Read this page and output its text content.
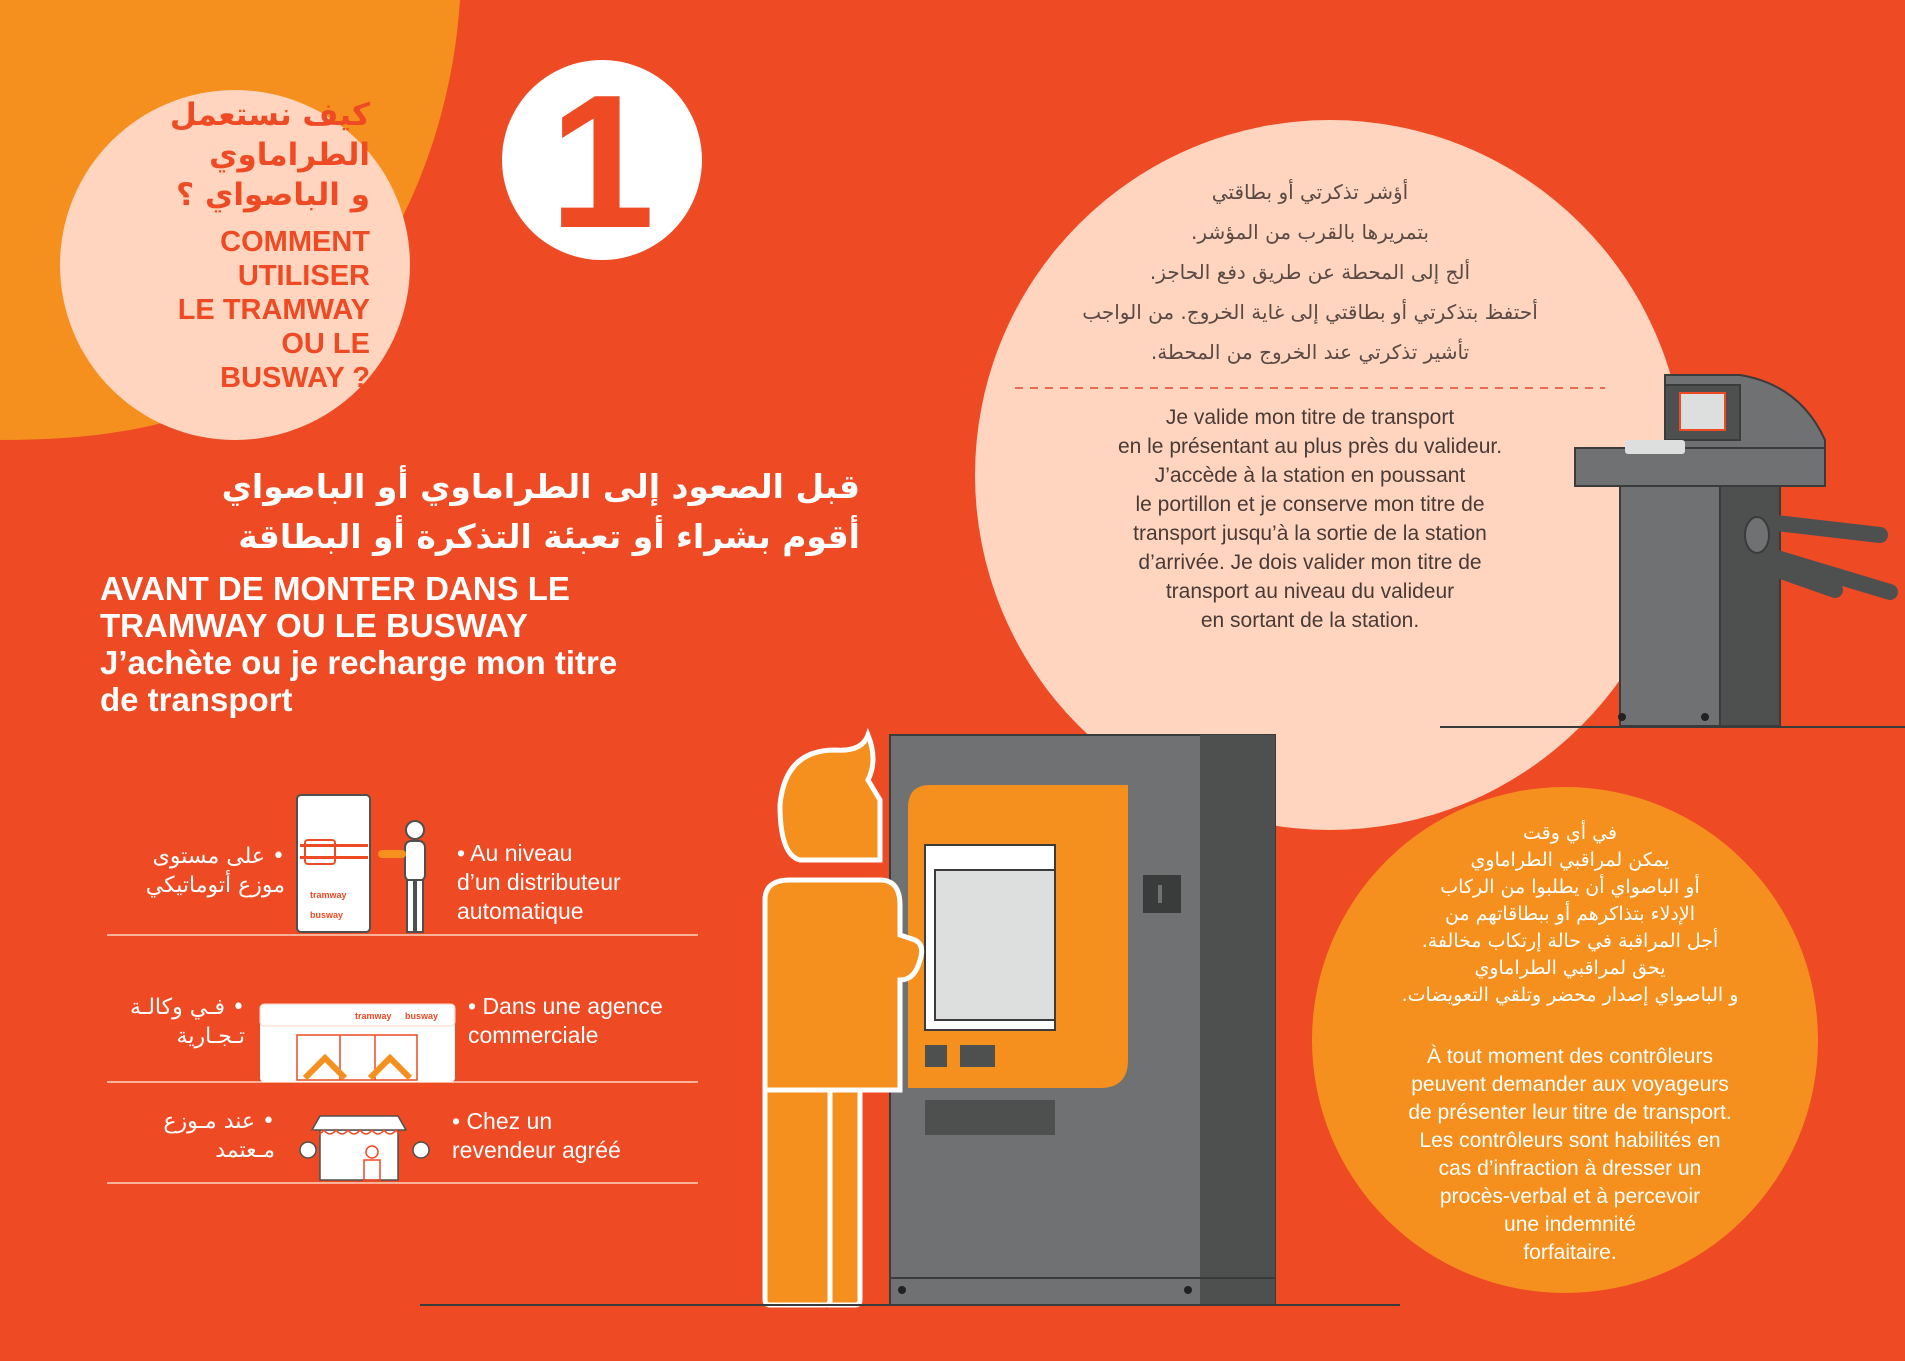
tramway
busway
tramway busway
كيف نستعمل
الطراماوي
و الباصواي ؟
COMMENT
UTILISER
LE TRAMWAY
OU LE
BUSWAY ?
1
قبل الصعود إلى الطراماوي أو الباصواي
أقوم بشراء أو تعبئة التذكرة أو البطاقة
AVANT DE MONTER DANS LE
TRAMWAY OU LE BUSWAY
J’achète ou je recharge mon titre
de transport
• على مستوى
موزع أتوماتيكي
• Au niveau
d’un distributeur
automatique
• فـي وكالـة
تـجـارية
• Dans une agence
commerciale
• عند مـوزع
مـعتمد
• Chez un
revendeur agréé
أؤشر تذكرتي أو بطاقتي
بتمريرها بالقرب من المؤشر.
ألج إلى المحطة عن طريق دفع الحاجز.
أحتفظ بتذكرتي أو بطاقتي إلى غاية الخروج. من الواجب
تأشير تذكرتي عند الخروج من المحطة.
Je valide mon titre de transport
en le présentant au plus près du valideur.
J’accède à la station en poussant
le portillon et je conserve mon titre de
transport jusqu’à la sortie de la station
d’arrivée. Je dois valider mon titre de
transport au niveau du valideur
en sortant de la station.
في أي وقت
يمكن لمراقبي الطراماوي
أو الباصواي أن يطلبوا من الركاب
الإدلاء بتذاكرهم أو ببطاقاتهم من
أجل المراقبة في حالة إرتكاب مخالفة.
يحق لمراقبي الطراماوي
و الباصواي إصدار محضر وتلقي التعويضات.
À tout moment des contrôleurs
peuvent demander aux voyageurs
de présenter leur titre de transport.
Les contrôleurs sont habilités en
cas d’infraction à dresser un
procès-verbal et à percevoir
une indemnité
forfaitaire.
